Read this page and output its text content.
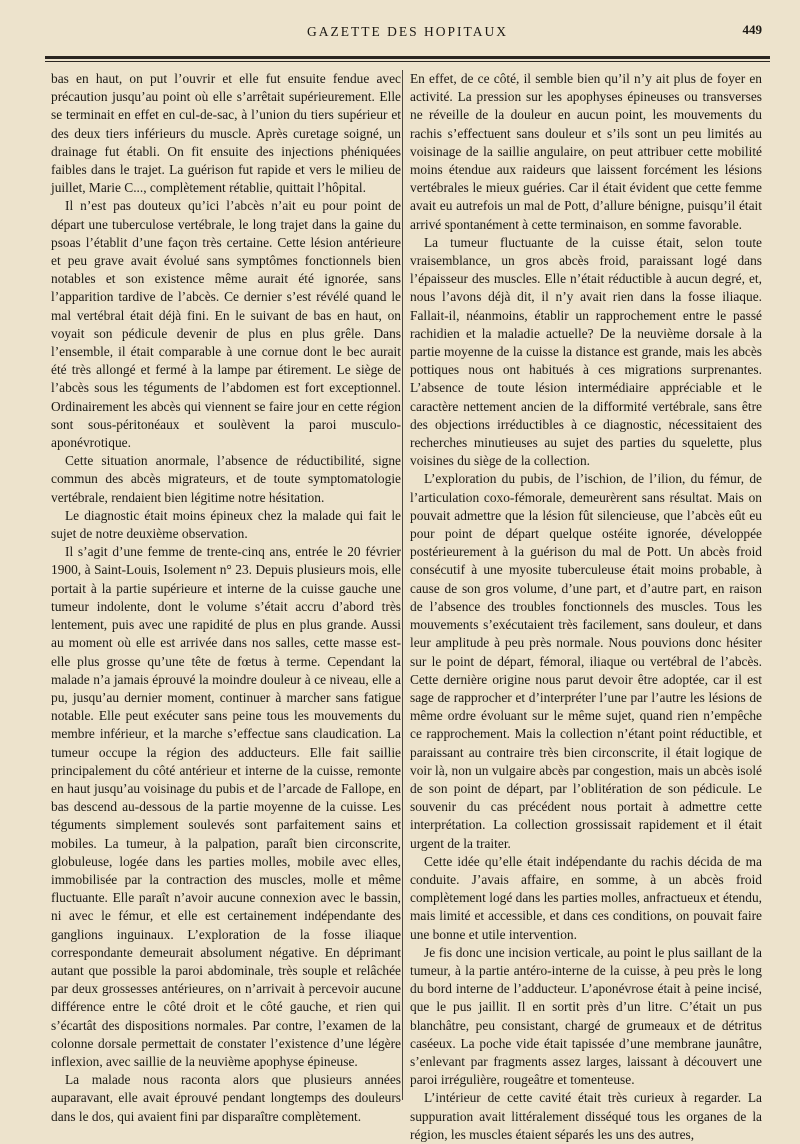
GAZETTE DES HOPITAUX	449

bas en haut, on put l’ouvrir et elle fut ensuite fendue avec précaution jusqu’au point où elle s’arrêtait supérieurement. Elle se terminait en effet en cul-de-sac, à l’union du tiers supérieur et des deux tiers inférieurs du muscle. Après curetage soigné, un drainage fut établi. On fit ensuite des injections phéniquées faibles dans le trajet. La guérison fut rapide et vers le milieu de juillet, Marie C..., complètement rétablie, quittait l’hôpital.

Il n’est pas douteux qu’ici l’abcès n’ait eu pour point de départ une tuberculose vertébrale, le long trajet dans la gaine du psoas l’établit d’une façon très certaine. Cette lésion antérieure et peu grave avait évolué sans symptômes fonctionnels bien notables et son existence même aurait été ignorée, sans l’apparition tardive de l’abcès. Ce dernier s’est révélé quand le mal vertébral était déjà fini. En le suivant de bas en haut, on voyait son pédicule devenir de plus en plus grêle. Dans l’ensemble, il était comparable à une cornue dont le bec aurait été très allongé et fermé à la lampe par étirement. Le siège de l’abcès sous les téguments de l’abdomen est fort exceptionnel. Ordinairement les abcès qui viennent se faire jour en cette région sont sous-péritonéaux et soulèvent la paroi musculo-aponévrotique.

Cette situation anormale, l’absence de réductibilité, signe commun des abcès migrateurs, et de toute symptomatologie vertébrale, rendaient bien légitime notre hésitation.

Le diagnostic était moins épineux chez la malade qui fait le sujet de notre deuxième observation.

Il s’agit d’une femme de trente-cinq ans, entrée le 20 février 1900, à Saint-Louis, Isolement n° 23. Depuis plusieurs mois, elle portait à la partie supérieure et interne de la cuisse gauche une tumeur indolente, dont le volume s’était accru d’abord très lentement, puis avec une rapidité de plus en plus grande. Aussi au moment où elle est arrivée dans nos salles, cette masse est-elle plus grosse qu’une tête de fœtus à terme. Cependant la malade n’a jamais éprouvé la moindre douleur à ce niveau, elle a pu, jusqu’au dernier moment, continuer à marcher sans fatigue notable. Elle peut exécuter sans peine tous les mouvements du membre inférieur, et la marche s’effectue sans claudication. La tumeur occupe la région des adducteurs. Elle fait saillie principalement du côté antérieur et interne de la cuisse, remonte en haut jusqu’au voisinage du pubis et de l’arcade de Fallope, en bas descend au-dessous de la partie moyenne de la cuisse. Les téguments simplement soulevés sont parfaitement sains et mobiles. La tumeur, à la palpation, paraît bien circonscrite, globuleuse, logée dans les parties molles, mobile avec elles, immobilisée par la contraction des muscles, molle et même fluctuante. Elle paraît n’avoir aucune connexion avec le bassin, ni avec le fémur, et elle est certainement indépendante des ganglions inguinaux. L’exploration de la fosse iliaque correspondante demeurait absolument négative. En déprimant autant que possible la paroi abdominale, très souple et relâchée par deux grossesses antérieures, on n’arrivait à percevoir aucune différence entre le côté droit et le côté gauche, et rien qui s’écartât des dispositions normales. Par contre, l’examen de la colonne dorsale permettait de constater l’existence d’une légère inflexion, avec saillie de la neuvième apophyse épineuse.

La malade nous raconta alors que plusieurs années auparavant, elle avait éprouvé pendant longtemps des douleurs dans le dos, qui avaient fini par disparaître complètement.

En effet, de ce côté, il semble bien qu’il n’y ait plus de foyer en activité. La pression sur les apophyses épineuses ou transverses ne réveille de la douleur en aucun point, les mouvements du rachis s’effectuent sans douleur et s’ils sont un peu limités au voisinage de la saillie angulaire, on peut attribuer cette mobilité moins étendue aux raideurs que laissent forcément les lésions vertébrales le mieux guéries. Car il était évident que cette femme avait eu autrefois un mal de Pott, d’allure bénigne, puisqu’il était arrivé spontanément à cette terminaison, en somme favorable.

La tumeur fluctuante de la cuisse était, selon toute vraisemblance, un gros abcès froid, paraissant logé dans l’épaisseur des muscles. Elle n’était réductible à aucun degré, et, nous l’avons déjà dit, il n’y avait rien dans la fosse iliaque. Fallait-il, néanmoins, établir un rapprochement entre le passé rachidien et la maladie actuelle? De la neuvième dorsale à la partie moyenne de la cuisse la distance est grande, mais les abcès pottiques nous ont habitués à ces migrations surprenantes. L’absence de toute lésion intermédiaire appréciable et le caractère nettement ancien de la difformité vertébrale, sans être des objections irréductibles à ce diagnostic, nécessitaient des recherches minutieuses au sujet des parties du squelette, plus voisines du siège de la collection.

L’exploration du pubis, de l’ischion, de l’ilion, du fémur, de l’articulation coxo-fémorale, demeurèrent sans résultat. Mais on pouvait admettre que la lésion fût silencieuse, que l’abcès eût eu pour point de départ quelque ostéite ignorée, développée postérieurement à la guérison du mal de Pott. Un abcès froid consécutif à une myosite tuberculeuse était moins probable, à cause de son gros volume, d’une part, et d’autre part, en raison de l’absence des troubles fonctionnels des muscles. Tous les mouvements s’exécutaient très facilement, sans douleur, et dans leur amplitude à peu près normale. Nous pouvions donc hésiter sur le point de départ, fémoral, iliaque ou vertébral de l’abcès. Cette dernière origine nous parut devoir être adoptée, car il est sage de rapprocher et d’interpréter l’une par l’autre les lésions de même ordre évoluant sur le même sujet, quand rien n’empêche ce rapprochement. Mais la collection n’étant point réductible, et paraissant au contraire très bien circonscrite, il était logique de voir là, non un vulgaire abcès par congestion, mais un abcès isolé de son point de départ, par l’oblitération de son pédicule. Le souvenir du cas précédent nous portait à admettre cette interprétation. La collection grossissait rapidement et il était urgent de la traiter.

Cette idée qu’elle était indépendante du rachis décida de ma conduite. J’avais affaire, en somme, à un abcès froid complètement logé dans les parties molles, anfractueux et étendu, mais limité et accessible, et dans ces conditions, on pouvait faire une bonne et utile intervention.

Je fis donc une incision verticale, au point le plus saillant de la tumeur, à la partie antéro-interne de la cuisse, à peu près le long du bord interne de l’adducteur. L’aponévrose était à peine incisé, que le pus jaillit. Il en sortit près d’un litre. C’était un pus blanchâtre, peu consistant, chargé de grumeaux et de détritus caséeux. La poche vide était tapissée d’une membrane jaunâtre, s’enlevant par fragments assez larges, laissant à découvert une paroi irrégulière, rougeâtre et tomenteuse.

L’intérieur de cette cavité était très curieux à regarder. La suppuration avait littéralement disséqué tous les organes de la région, les muscles étaient séparés les uns des autres,
